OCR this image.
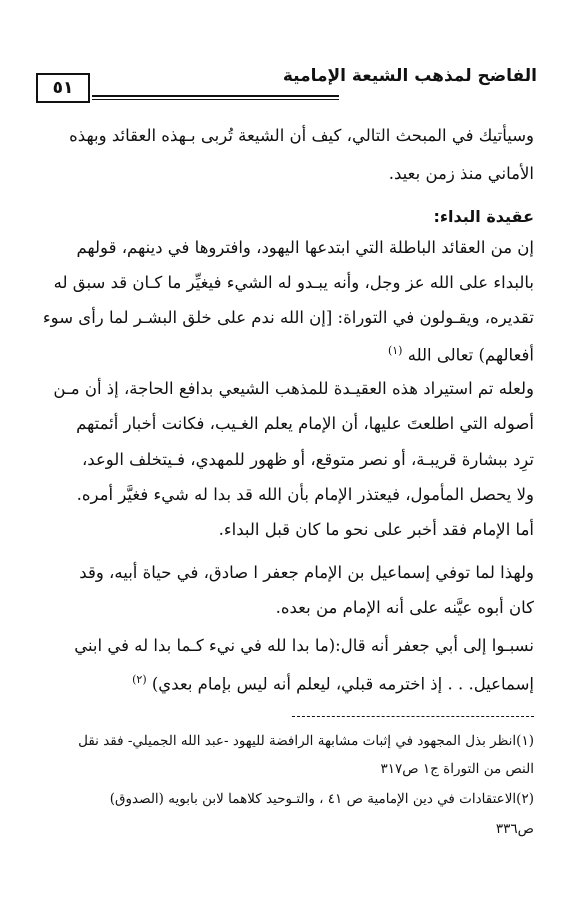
الفاضح لمذهب الشيعة الإمامية
٥١
وسيأتيك في المبحث التالي، كيف أن الشيعة تُربى بـهذه العقائد وبهذه
الأماني منذ زمن بعيد.
عقيدة البداء:
إن من العقائد الباطلة التي ابتدعها اليهود، وافتروها في دينهم، قولهم
بالبداء على الله عز وجل، وأنه يبـدو له الشيء فيغيِّر ما كـان قد سبق له
تقديره، ويقـولون في التوراة: [إن الله ندم على خلق البشـر لما رأى سوء
أفعالهم) تعالى الله $^{(١)}$
ولعله تم استيراد هذه العقيـدة للمذهب الشيعي بدافع الحاجة، إذ أن مـن
أصوله التي اطلعتَ عليها، أن الإمام يعلم الغـيب، فكانت أخبار أئمتهم
ترِد ببشارة قريبـة، أو نصر متوقع، أو ظهور للمهدي، فـيتخلف الوعد،
ولا يحصل المأمول، فيعتذر الإمام بأن الله قد بدا له شيء فغيَّر أمره.
أما الإمام فقد أخبر على نحو ما كان قبل البداء.
ولهذا لما توفي إسماعيل بن الإمام جعفر ا صادق، في حياة أبيه، وقد
كان أبوه عيَّنه على أنه الإمام من بعده.
نسبـوا إلى أبي جعفر أنه قال:(ما بدا لله في نيء كـما بدا له في ابني
إسماعيل. . . إذ اخترمه قبلي، ليعلم أنه ليس بإمام بعدي) $^{(٢)}$
(١)انظر بذل المجهود في إثبات مشابهة الرافضة لليهود -عبد الله الجميلي- فقد نقل
النص من التوراة ج١ ص٣١٧
(٢)الاعتقادات في دين الإمامية ص ٤١ ، والتـوحيد كلاهما لابن بابويه (الصدوق)
ص٣٣٦
